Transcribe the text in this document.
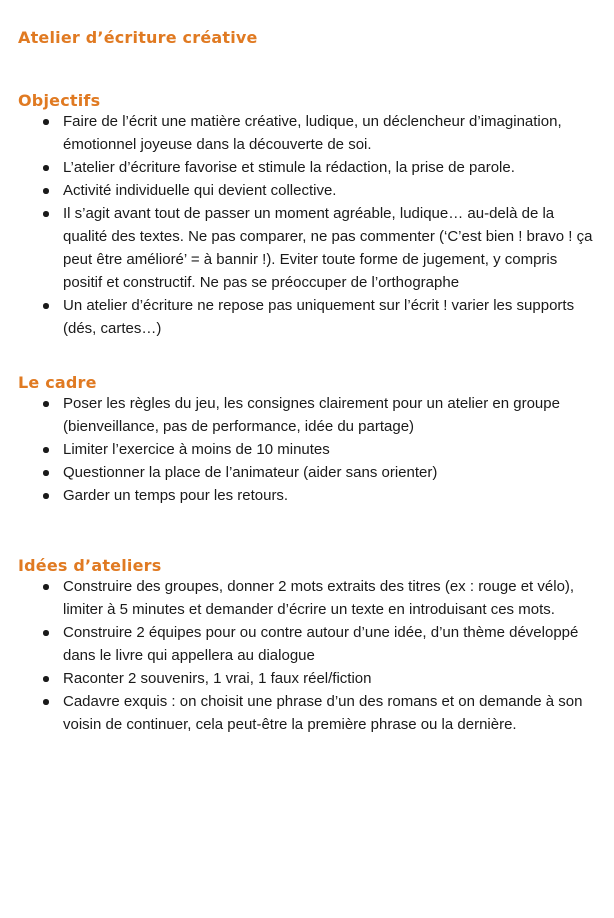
Atelier d’écriture créative
Objectifs
Faire de l’écrit une matière créative, ludique, un déclencheur d’imagination, émotionnel joyeuse dans la découverte de soi.
L’atelier d’écriture favorise et stimule la rédaction, la prise de parole.
Activité individuelle qui devient collective.
Il s’agit avant tout de passer un moment agréable, ludique… au-delà de la qualité des textes. Ne pas comparer, ne pas commenter (‘C’est bien ! bravo ! ça peut être amélioré’ = à bannir !). Eviter toute forme de jugement, y compris positif et constructif. Ne pas se préoccuper de l’orthographe
Un atelier d’écriture ne repose pas uniquement sur l’écrit ! varier les supports (dés, cartes…)
Le cadre
Poser les règles du jeu, les consignes clairement pour un atelier en groupe (bienveillance, pas de performance, idée du partage)
Limiter l’exercice à moins de 10 minutes
Questionner la place de l’animateur (aider sans orienter)
Garder un temps pour les retours.
Idées d’ateliers
Construire des groupes, donner 2 mots extraits des titres (ex : rouge et vélo), limiter à 5 minutes et demander d’écrire un texte en introduisant ces mots.
Construire 2 équipes pour ou contre autour d’une idée, d’un thème développé dans le livre qui appellera au dialogue
Raconter 2 souvenirs, 1 vrai, 1 faux réel/fiction
Cadavre exquis : on choisit une phrase d’un des romans et on demande à son voisin de continuer, cela peut-être la première phrase ou la dernière.
